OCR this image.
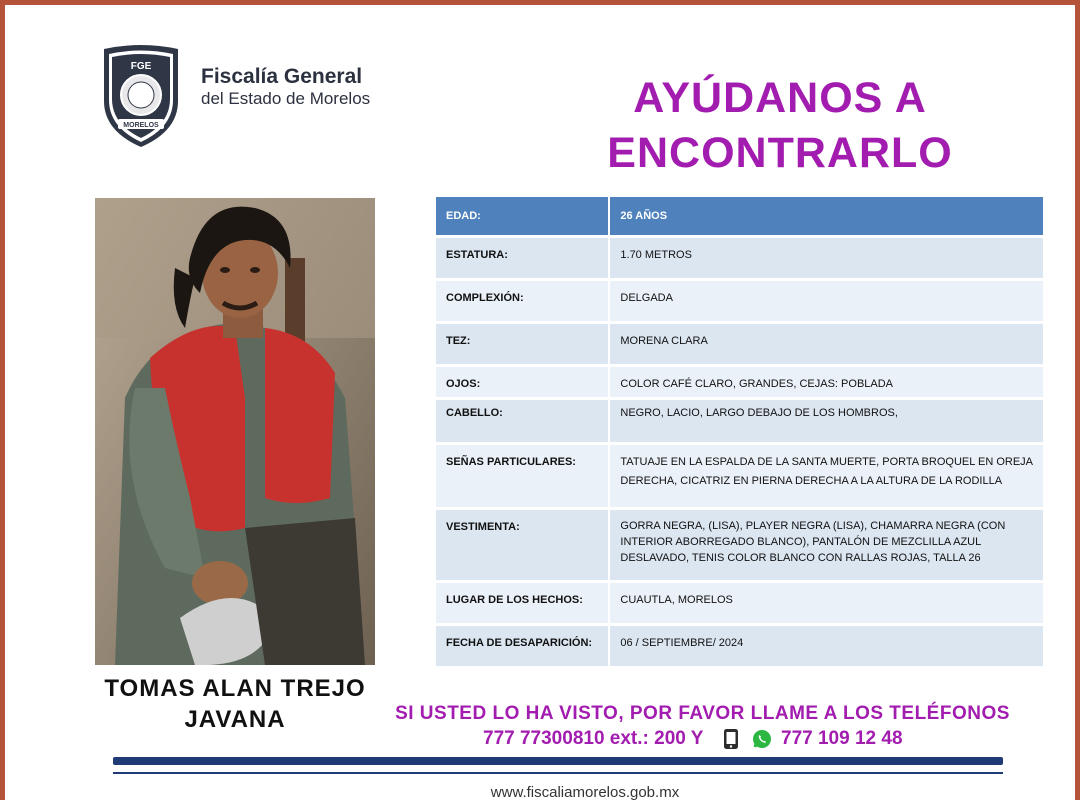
FGE
MORELOS
Fiscalía General
del Estado de Morelos	AYÚDANOS A
ENCONTRARLO
TOMAS ALAN TREJO
JAVANA
EDAD:	26 AÑOS

ESTATURA:	1.70 METROS

COMPLEXIÓN:	DELGADA

TEZ:	MORENA CLARA

OJOS:	COLOR CAFÉ CLARO, GRANDES, CEJAS: POBLADA

CABELLO:	NEGRO, LACIO, LARGO DEBAJO DE LOS HOMBROS,

SEÑAS PARTICULARES:	TATUAJE EN LA ESPALDA DE LA SANTA MUERTE, PORTA BROQUEL EN OREJA DERECHA, CICATRIZ EN PIERNA DERECHA A LA ALTURA DE LA RODILLA

VESTIMENTA:	GORRA NEGRA, (LISA), PLAYER NEGRA (LISA), CHAMARRA NEGRA (CON INTERIOR ABORREGADO BLANCO), PANTALÓN DE MEZCLILLA AZUL DESLAVADO, TENIS COLOR BLANCO CON RALLAS ROJAS, TALLA 26

LUGAR DE LOS HECHOS:	CUAUTLA, MORELOS

FECHA DE DESAPARICIÓN:	06 / SEPTIEMBRE/ 2024
SI USTED LO HA VISTO, POR FAVOR LLAME A LOS TELÉFONOS
777 77300810 ext.: 200 Y	777 109 12 48
www.fiscaliamorelos.gob.mx
